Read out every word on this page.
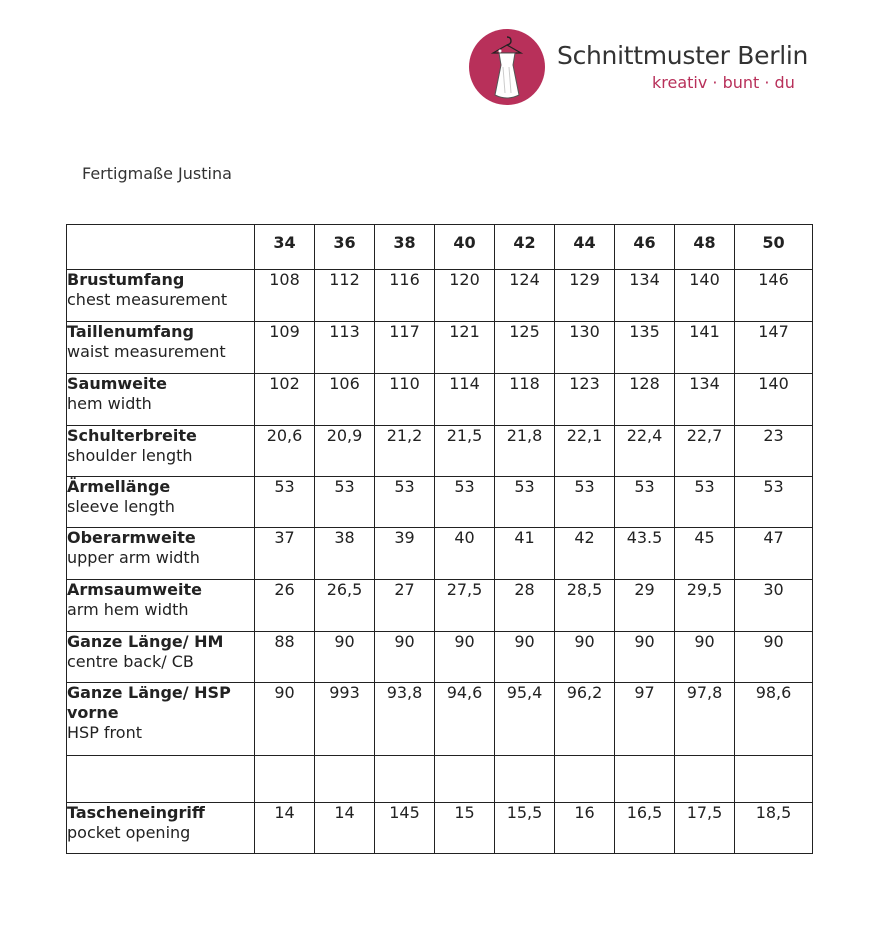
Schnittmuster Berlin
kreativ · bunt · du
Fertigmaße Justina
	34	36	38	40	42	44	46	48	50

Brustumfang
chest measurement	108	112	116	120	124	129	134	140	146

Taillenumfang
waist measurement	109	113	117	121	125	130	135	141	147

Saumweite
hem width	102	106	110	114	118	123	128	134	140

Schulterbreite
shoulder length	20,6	20,9	21,2	21,5	21,8	22,1	22,4	22,7	23

Ärmellänge
sleeve length	53	53	53	53	53	53	53	53	53

Oberarmweite
upper arm width	37	38	39	40	41	42	43.5	45	47

Armsaumweite
arm hem width	26	26,5	27	27,5	28	28,5	29	29,5	30

Ganze Länge/ HM
centre back/ CB	88	90	90	90	90	90	90	90	90

Ganze Länge/ HSP vorne
HSP front	90	993	93,8	94,6	95,4	96,2	97	97,8	98,6

Tascheneingriff
pocket opening	14	14	145	15	15,5	16	16,5	17,5	18,5
